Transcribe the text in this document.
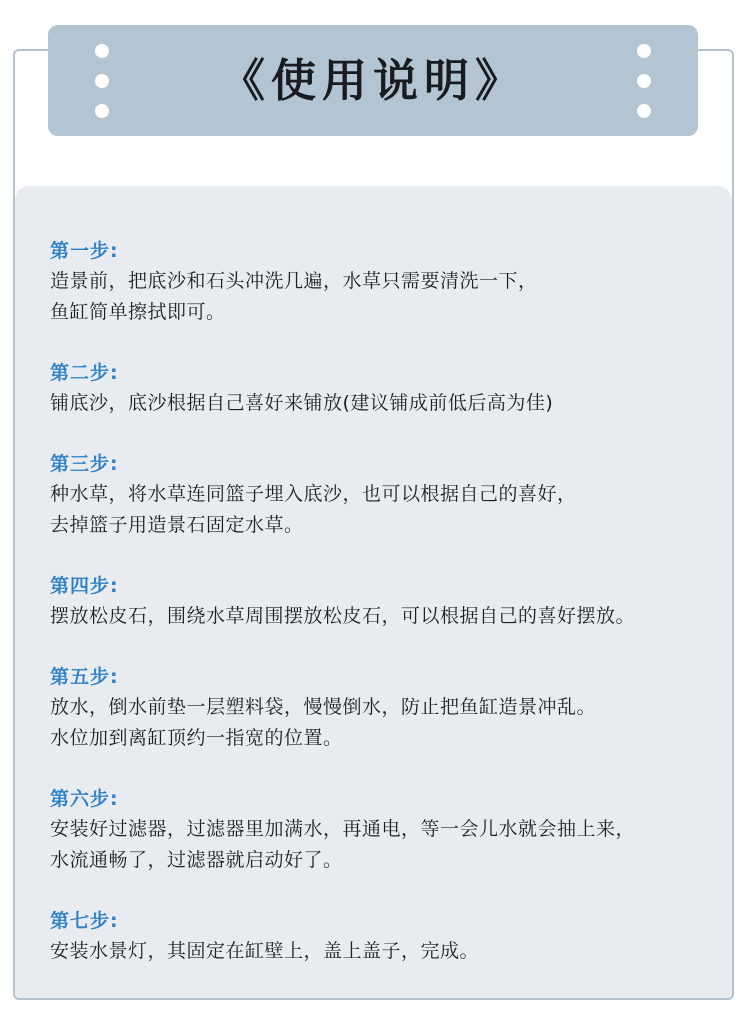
《使用说明》
第一步:
造景前，把底沙和石头冲洗几遍，水草只需要清洗一下，
鱼缸简单擦拭即可。
第二步:
铺底沙，底沙根据自己喜好来铺放(建议铺成前低后高为佳)
第三步:
种水草，将水草连同篮子埋入底沙，也可以根据自己的喜好，
去掉篮子用造景石固定水草。
第四步:
摆放松皮石，围绕水草周围摆放松皮石，可以根据自己的喜好摆放。
第五步:
放水，倒水前垫一层塑料袋，慢慢倒水，防止把鱼缸造景冲乱。
水位加到离缸顶约一指宽的位置。
第六步:
安装好过滤器，过滤器里加满水，再通电，等一会儿水就会抽上来，
水流通畅了，过滤器就启动好了。
第七步:
安装水景灯，其固定在缸壁上，盖上盖子，完成。
